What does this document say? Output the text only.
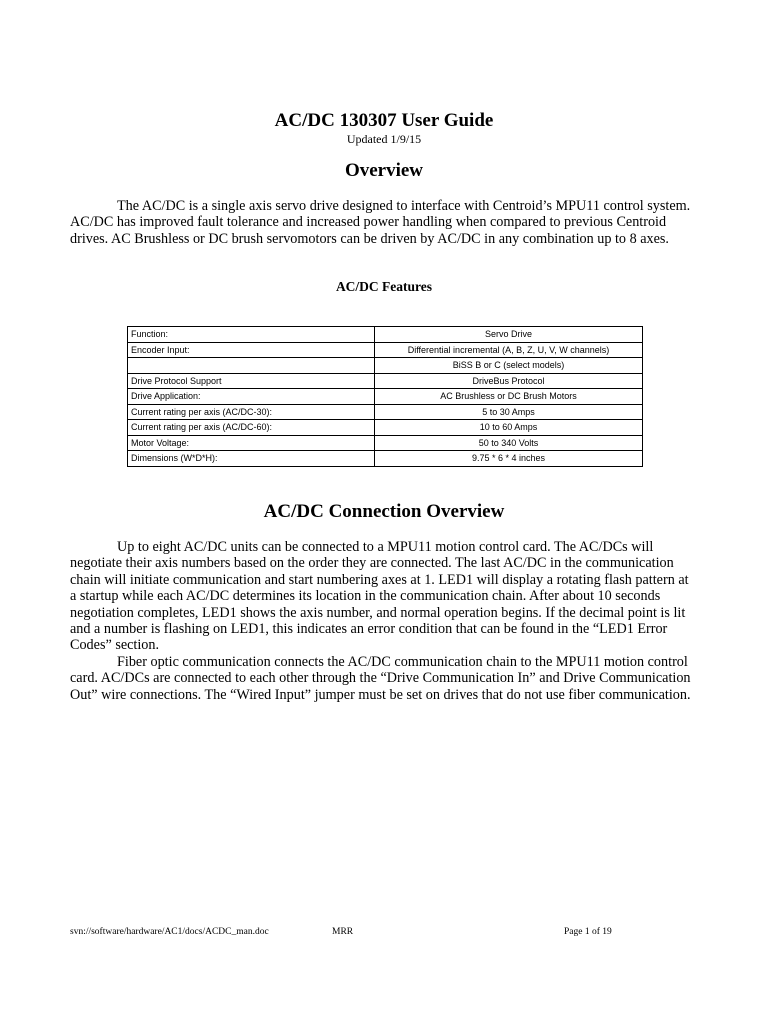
AC/DC 130307 User Guide
Updated 1/9/15
Overview

The AC/DC is a single axis servo drive designed to interface with Centroid’s MPU11 control system. AC/DC has improved fault tolerance and increased power handling when compared to previous Centroid drives. AC Brushless or DC brush servomotors can be driven by AC/DC in any combination up to 8 axes.

AC/DC Features
Function:	Servo Drive
Encoder Input:	Differential incremental (A, B, Z, U, V, W channels)
	BiSS B or C (select models)
Drive Protocol Support	DriveBus Protocol
Drive Application:	AC Brushless or DC Brush Motors
Current rating per axis (AC/DC-30):	5 to 30 Amps
Current rating per axis (AC/DC-60):	10 to 60 Amps
Motor Voltage:	50 to 340 Volts
Dimensions (W*D*H):	9.75 * 6 * 4 inches
AC/DC Connection Overview

Up to eight AC/DC units can be connected to a MPU11 motion control card. The AC/DCs will negotiate their axis numbers based on the order they are connected. The last AC/DC in the communication chain will initiate communication and start numbering axes at 1. LED1 will display a rotating flash pattern at a startup while each AC/DC determines its location in the communication chain. After about 10 seconds negotiation completes, LED1 shows the axis number, and normal operation begins. If the decimal point is lit and a number is flashing on LED1, this indicates an error condition that can be found in the “LED1 Error Codes” section.

Fiber optic communication connects the AC/DC communication chain to the MPU11 motion control card. AC/DCs are connected to each other through the “Drive Communication In” and Drive Communication Out” wire connections. The “Wired Input” jumper must be set on drives that do not use fiber communication.

svn://software/hardware/AC1/docs/ACDC_man.doc	MRR	Page 1 of 19
